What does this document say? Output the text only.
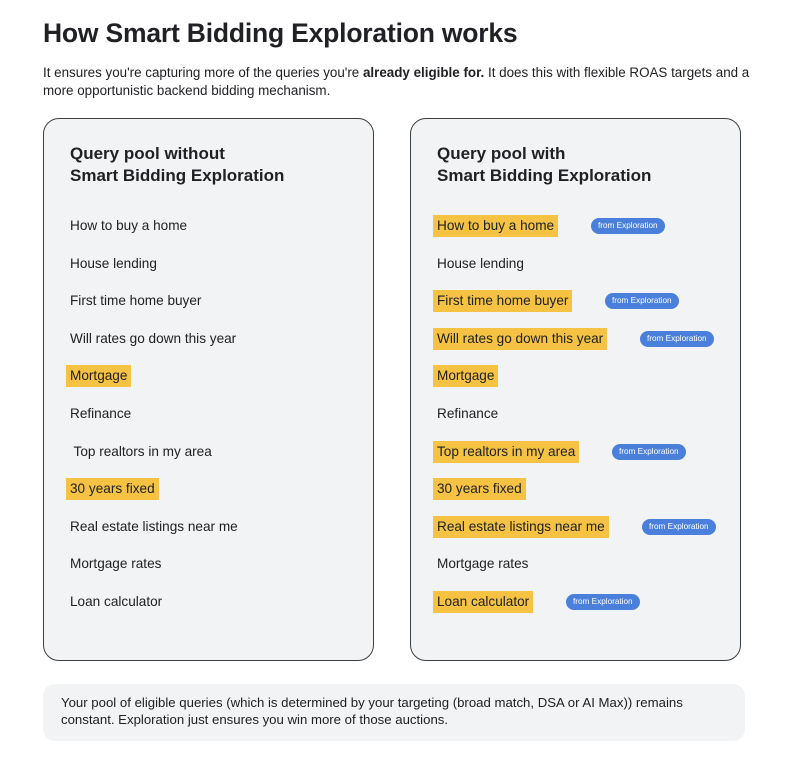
How Smart Bidding Exploration works

It ensures you're capturing more of the queries you're already eligible for. It does this with flexible ROAS targets and a more opportunistic backend bidding mechanism.

Query pool without
Smart Bidding Exploration
How to buy a home
House lending
First time home buyer
Will rates go down this year
Mortgage
Refinance
Top realtors in my area
30 years fixed
Real estate listings near me
Mortgage rates
Loan calculator
Query pool with
Smart Bidding Exploration
How to buy a home	from Exploration
House lending
First time home buyer	from Exploration
Will rates go down this year	from Exploration
Mortgage
Refinance
Top realtors in my area	from Exploration
30 years fixed
Real estate listings near me	from Exploration
Mortgage rates
Loan calculator	from Exploration
Your pool of eligible queries (which is determined by your targeting (broad match, DSA or AI Max)) remains constant. Exploration just ensures you win more of those auctions.
